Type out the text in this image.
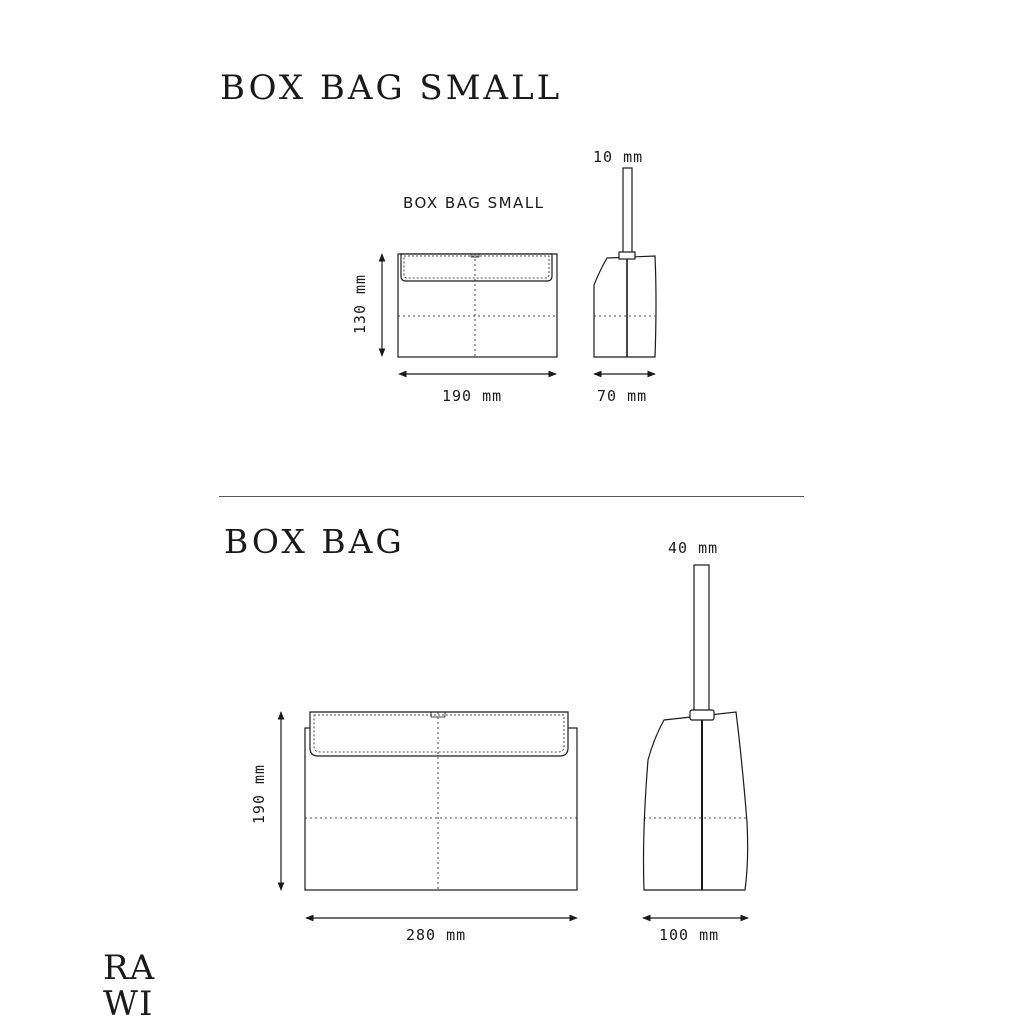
BOX BAG SMALL
BOX BAG SMALL
10 mm
130 mm
190 mm	70 mm
BOX BAG	40 mm
190 mm
280 mm	100 mm
RA
WI
